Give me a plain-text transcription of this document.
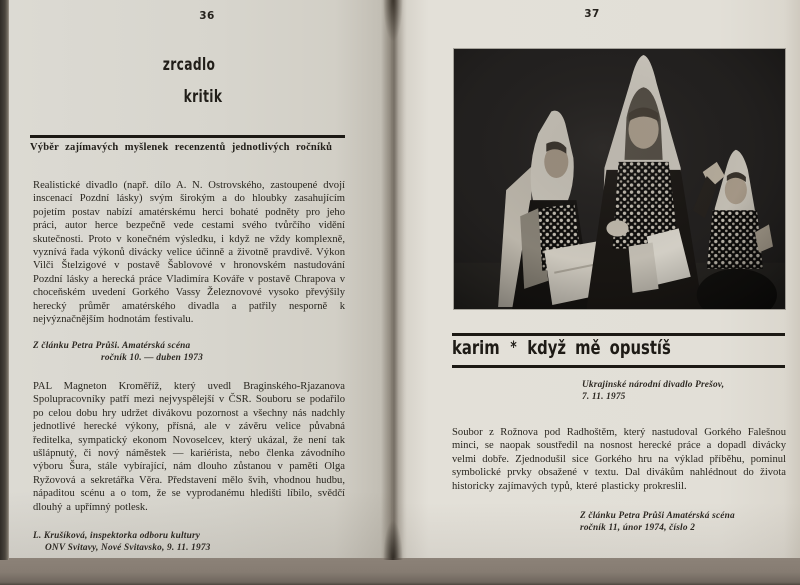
36
zrcadlo
kritik
Výběr zajímavých myšlenek recenzentů jednotlivých ročníků
Realistické divadlo (např. dílo A. N. Ostrovského, zastoupené dvojí inscenací Pozdní lásky) svým širokým a do hloubky zasahujícím pojetím postav nabízí amatérskému herci bohaté podněty pro jeho práci, autor herce bezpečně vede cestami svého tvůrčího vidění skutečnosti. Proto v konečném výsledku, i když ne vždy komplexně, vyznívá řada výkonů divácky velice účinně a životně pravdivě. Výkon Vilči Štelzigové v postavě Šablovové v hronovském nastudování Pozdní lásky a herecká práce Vladimíra Kováře v postavě Chrapova v choceňském uvedení Gorkého Vassy Železnovové vysoko převýšily herecký průměr amatérského divadla a patřily nesporně k nejvýznačnějším hodnotám festivalu.
Z článku Petra Průši. Amatérská scéna
ročník 10. — duben 1973
PAL Magneton Kroměříž, který uvedl Braginského-Rjazanova Spolupracovníky patří mezi nejvyspělejší v ČSR. Souboru se podařilo po celou dobu hry udržet divákovu pozornost a všechny nás nadchly jednotlivé herecké výkony, přísná, ale v závěru velice půvabná ředitelka, sympatický ekonom Novoselcev, který ukázal, že není tak ušlápnutý, či nový náměstek — kariérista, nebo členka závodního výboru Šura, stále vybírající, nám dlouho zůstanou v paměti Olga Ryžovová a sekretářka Věra. Představení mělo švih, vhodnou hudbu, nápaditou scénu a o tom, že se vyprodanému hledišti líbilo, svědčí dlouhý a upřímný potlesk.
L. Krušíková, inspektorka odboru kultury
ONV Svitavy, Nové Svitavsko, 9. 11. 1973
37
karim * když mě opustíš
Ukrajinské národní divadlo Prešov,
7. 11. 1975
Soubor z Rožnova pod Radhoštěm, který nastudoval Gorkého Falešnou minci, se naopak soustředil na nosnost herecké práce a dopadl divácky velmi dobře. Zjednodušil sice Gorkého hru na výklad příběhu, pominul symbolické prvky obsažené v textu. Dal divákům nahlédnout do života historicky zajímavých typů, které plasticky prokreslil.
Z článku Petra Průši Amatérská scéna
ročník 11, únor 1974, číslo 2
